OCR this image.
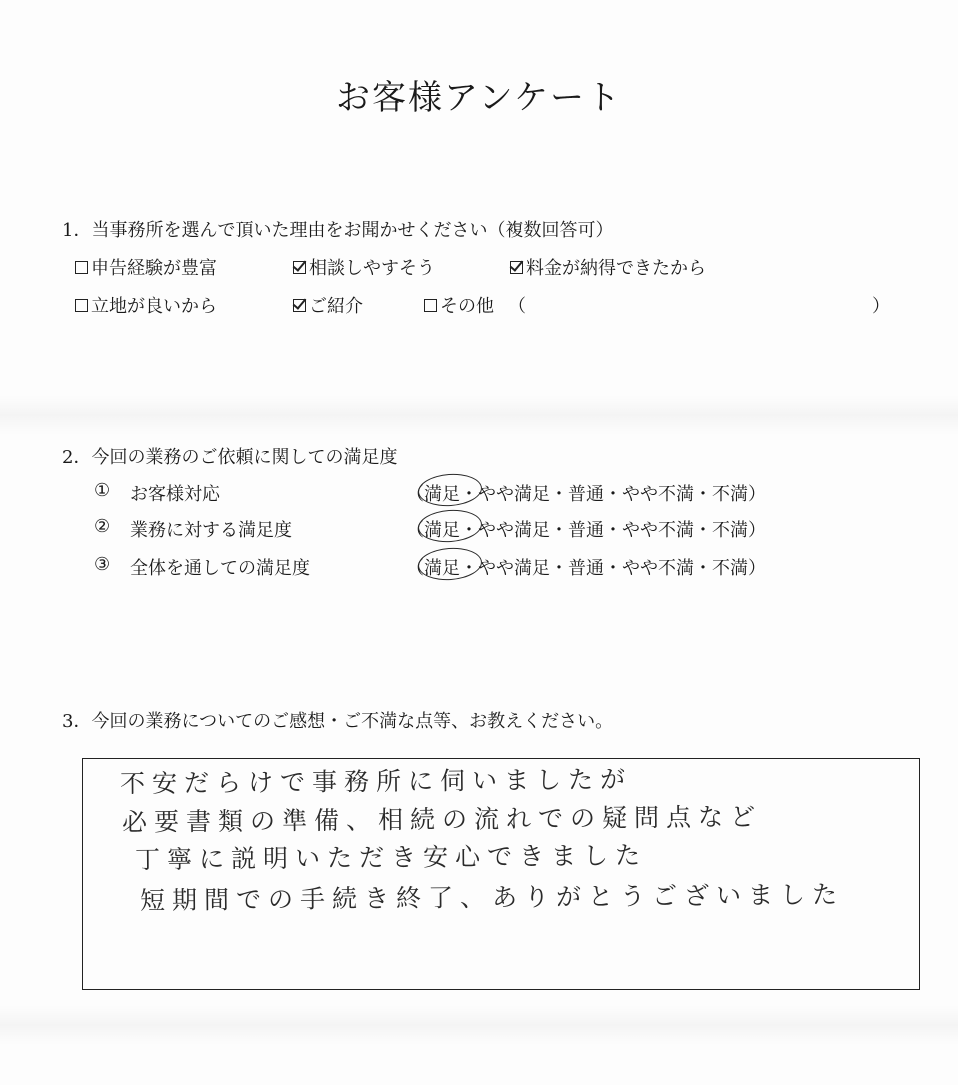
お客様アンケート
1．当事務所を選んで頂いた理由をお聞かせください（複数回答可）
申告経験が豊富	相談しやすそう	料金が納得できたから
立地が良いから	ご紹介	その他 （	）
2．今回の業務のご依頼に関しての満足度
① お客様対応	（ 満足 ・ やや満足 ・ 普通 ・ やや不満 ・ 不満 ）
② 業務に対する満足度	（ 満足 ・ やや満足 ・ 普通 ・ やや不満 ・ 不満 ）
③ 全体を通しての満足度	（ 満足 ・ やや満足 ・ 普通 ・ やや不満 ・ 不満 ）
3．今回の業務についてのご感想・ご不満な点等、お教えください。
不安だらけで事務所に伺いましたが
必要書類の準備、相続の流れでの疑問点など
丁寧に説明いただき安心できました
短期間での手続き終了、ありがとうございました
